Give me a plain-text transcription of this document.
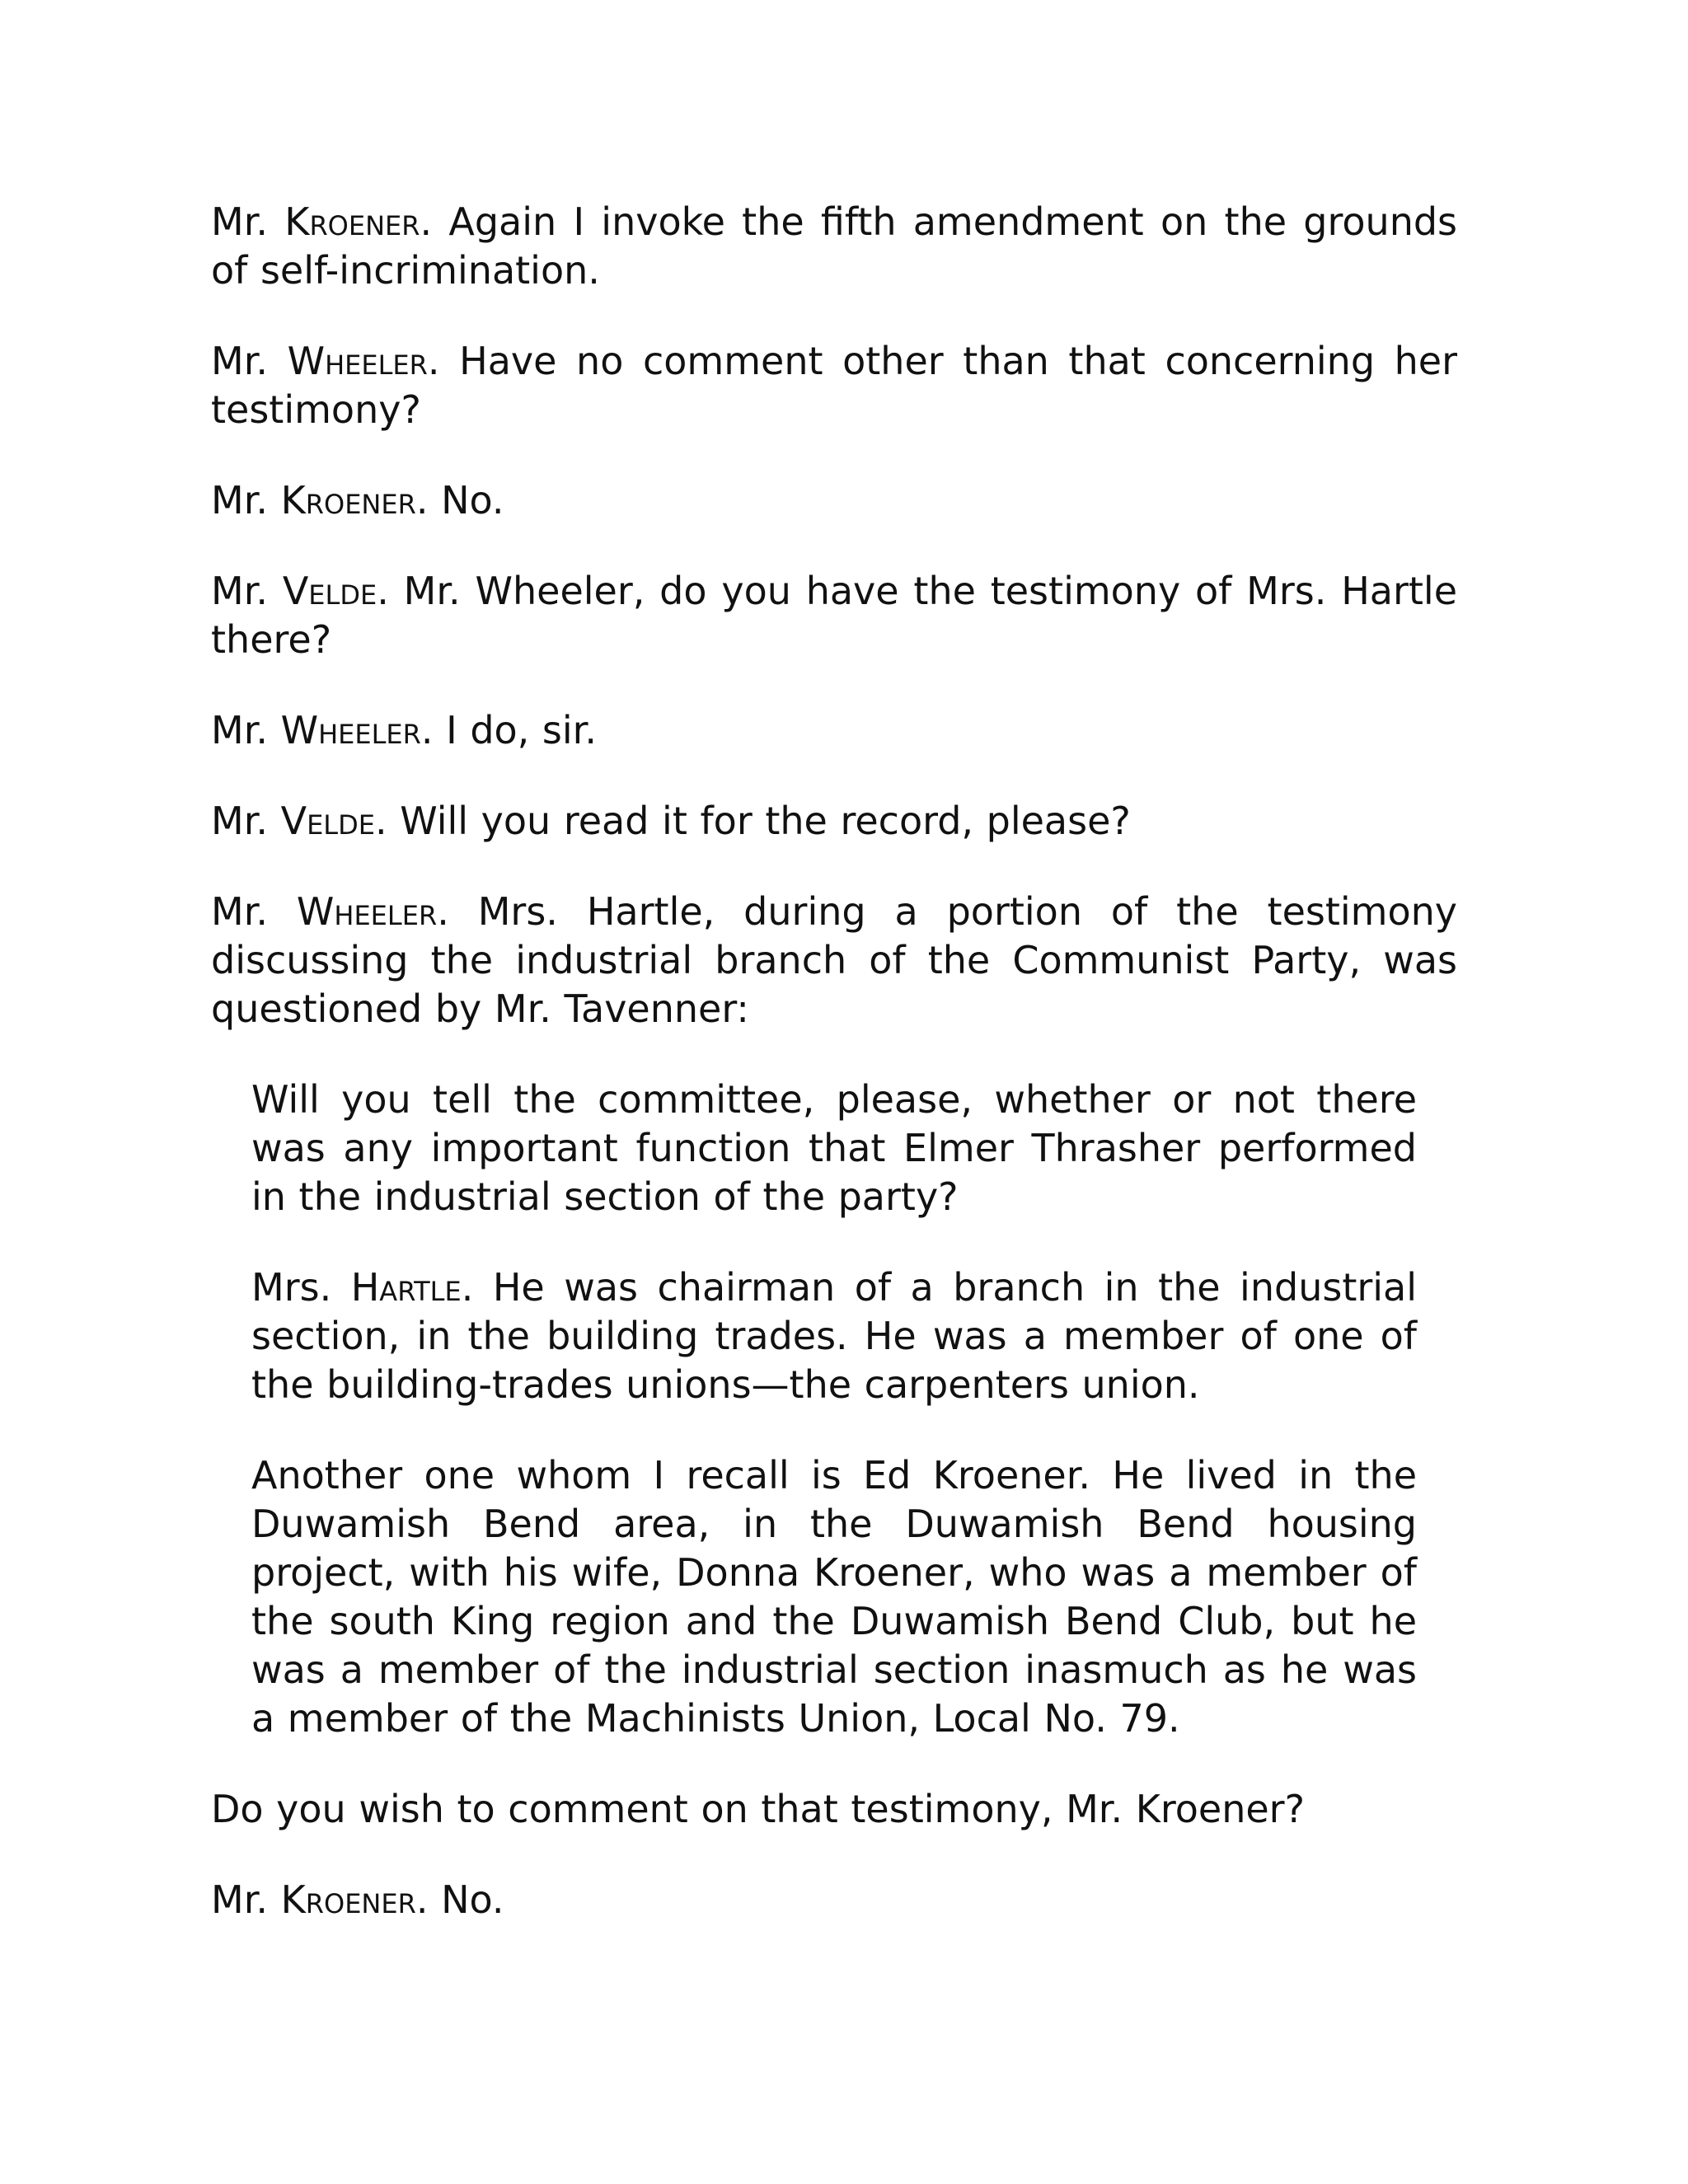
Mr. Kroener. Again I invoke the fifth amendment on the grounds of self-incrimination.

Mr. Wheeler. Have no comment other than that concerning her testimony?

Mr. Kroener. No.

Mr. Velde. Mr. Wheeler, do you have the testimony of Mrs. Hartle there?

Mr. Wheeler. I do, sir.

Mr. Velde. Will you read it for the record, please?

Mr. Wheeler. Mrs. Hartle, during a portion of the testimony discussing the industrial branch of the Communist Party, was questioned by Mr. Tavenner:

Will you tell the committee, please, whether or not there was any important function that Elmer Thrasher performed in the industrial section of the party?

Mrs. Hartle. He was chairman of a branch in the industrial section, in the building trades. He was a member of one of the building-trades unions—the carpenters union.

Another one whom I recall is Ed Kroener. He lived in the Duwamish Bend area, in the Duwamish Bend housing project, with his wife, Donna Kroener, who was a member of the south King region and the Duwamish Bend Club, but he was a member of the industrial section inasmuch as he was a member of the Machinists Union, Local No. 79.

Do you wish to comment on that testimony, Mr. Kroener?

Mr. Kroener. No.
